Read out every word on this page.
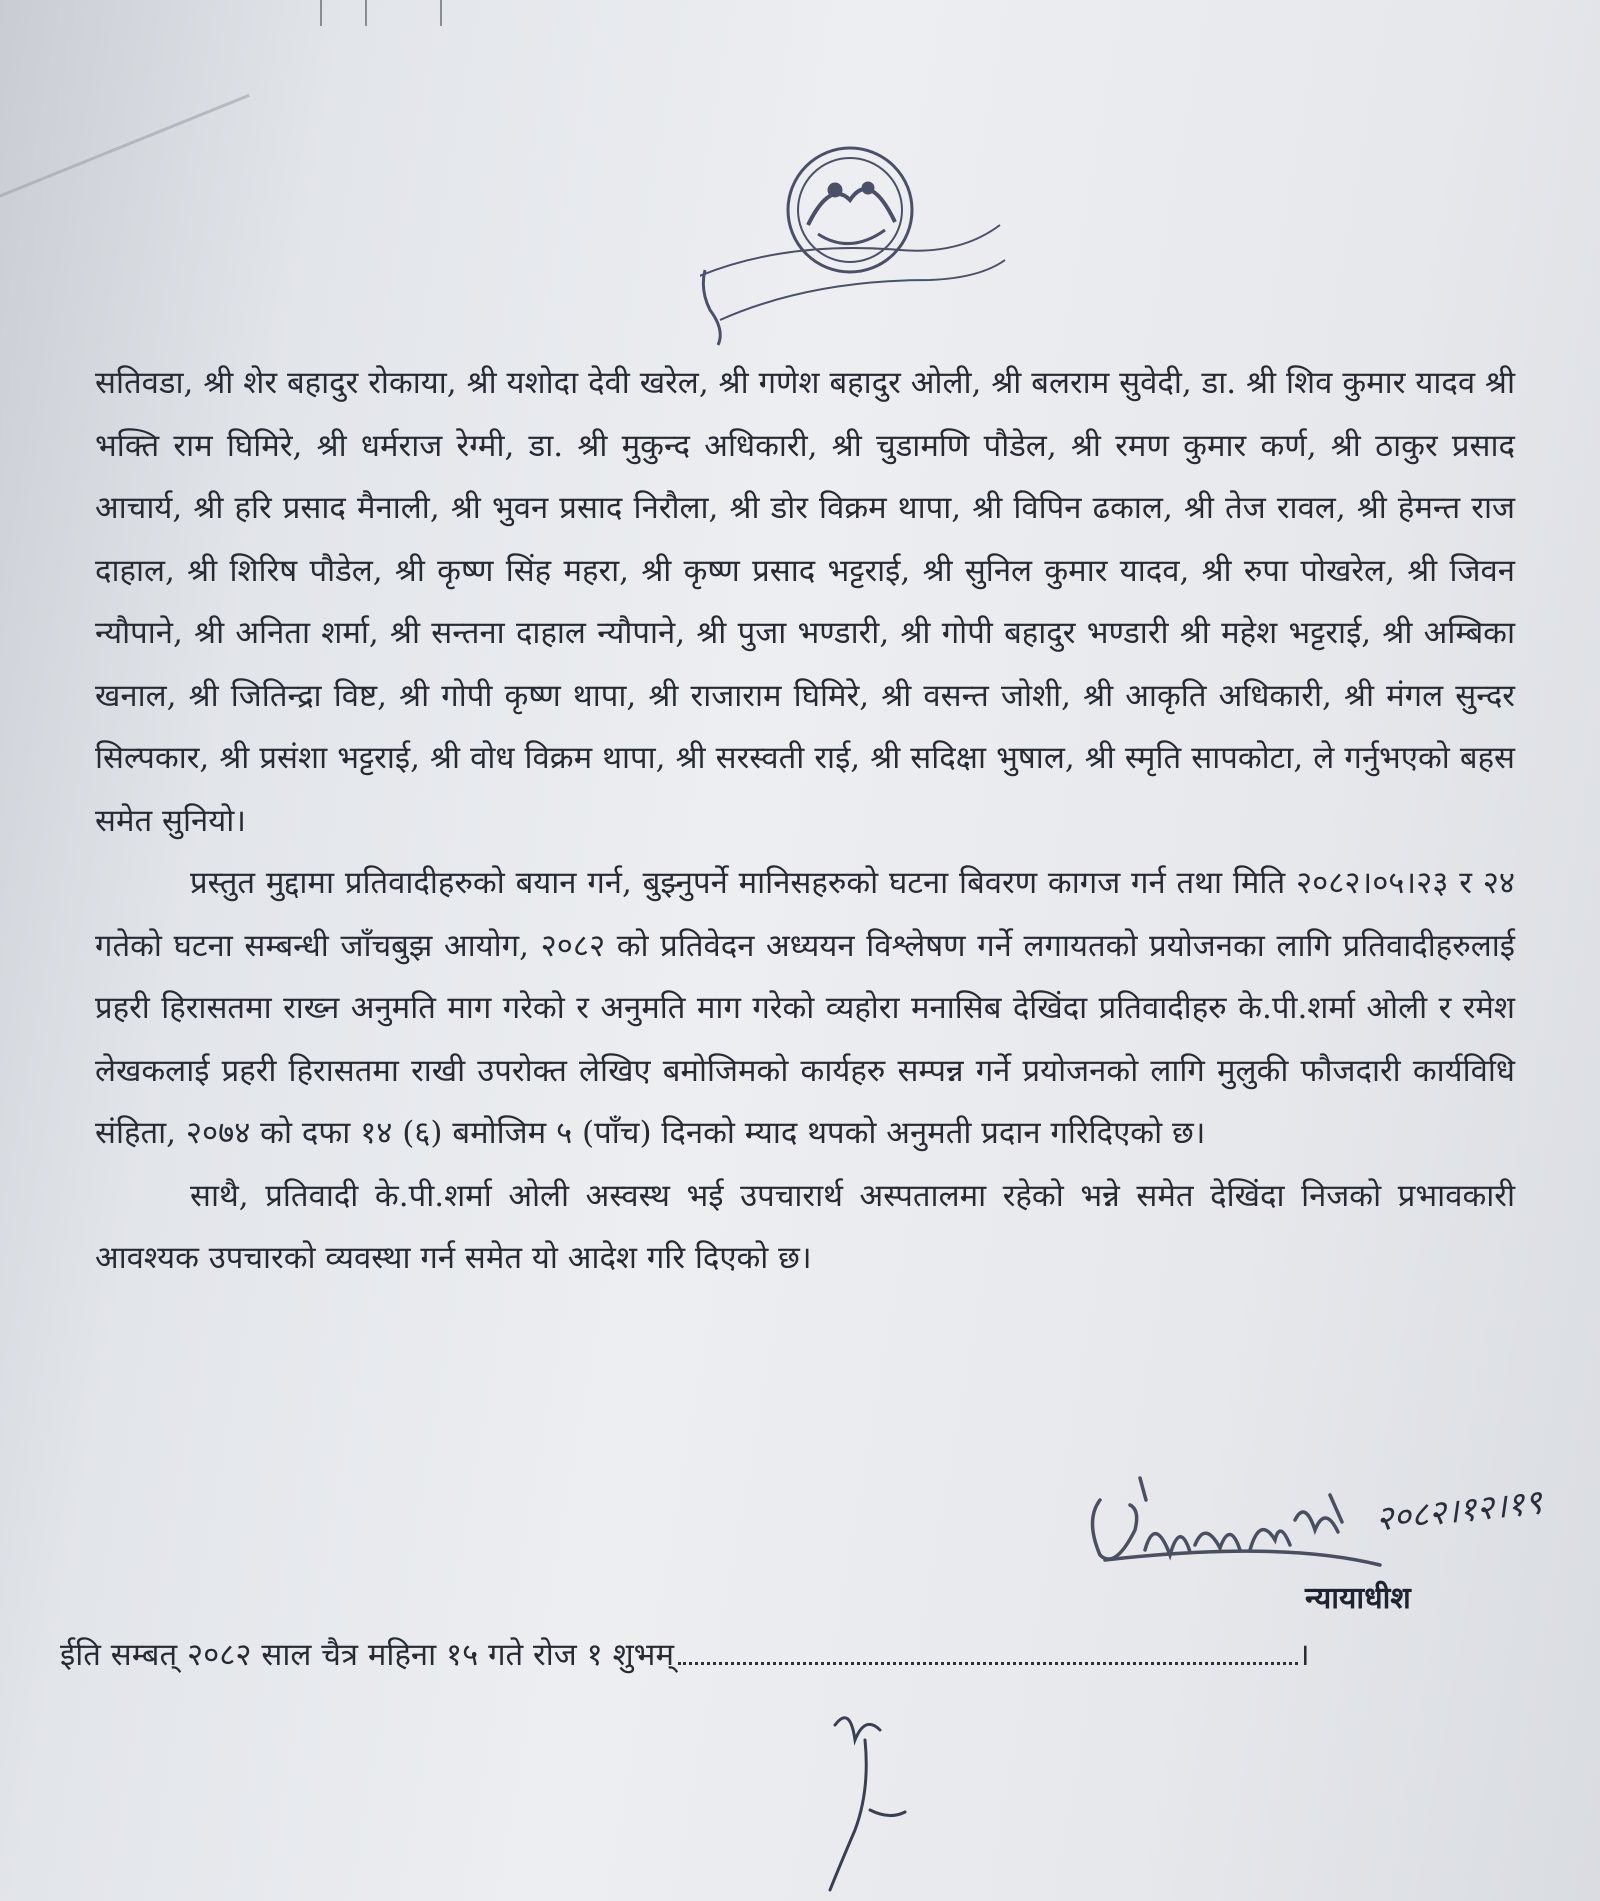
सतिवडा, श्री शेर बहादुर रोकाया, श्री यशोदा देवी खरेल, श्री गणेश बहादुर ओली, श्री बलराम सुवेदी, डा. श्री शिव कुमार यादव श्री भक्ति राम घिमिरे, श्री धर्मराज रेग्मी, डा. श्री मुकुन्द अधिकारी, श्री चुडामणि पौडेल, श्री रमण कुमार कर्ण, श्री ठाकुर प्रसाद आचार्य, श्री हरि प्रसाद मैनाली, श्री भुवन प्रसाद निरौला, श्री डोर विक्रम थापा, श्री विपिन ढकाल, श्री तेज रावल, श्री हेमन्त राज दाहाल, श्री शिरिष पौडेल, श्री कृष्ण सिंह महरा, श्री कृष्ण प्रसाद भट्टराई, श्री सुनिल कुमार यादव, श्री रुपा पोखरेल, श्री जिवन न्यौपाने, श्री अनिता शर्मा, श्री सन्तना दाहाल न्यौपाने, श्री पुजा भण्डारी, श्री गोपी बहादुर भण्डारी श्री महेश भट्टराई, श्री अम्बिका खनाल, श्री जितिन्द्रा विष्ट, श्री गोपी कृष्ण थापा, श्री राजाराम घिमिरे, श्री वसन्त जोशी, श्री आकृति अधिकारी, श्री मंगल सुन्दर सिल्पकार, श्री प्रसंशा भट्टराई, श्री वोध विक्रम थापा, श्री सरस्वती राई, श्री सदिक्षा भुषाल, श्री स्मृति सापकोटा, ले गर्नुभएको बहस समेत सुनियो।

प्रस्तुत मुद्दामा प्रतिवादीहरुको बयान गर्न, बुझ्नुपर्ने मानिसहरुको घटना बिवरण कागज गर्न तथा मिति २०८२।०५।२३ र २४ गतेको घटना सम्बन्धी जाँचबुझ आयोग, २०८२ को प्रतिवेदन अध्ययन विश्लेषण गर्ने लगायतको प्रयोजनका लागि प्रतिवादीहरुलाई प्रहरी हिरासतमा राख्न अनुमति माग गरेको र अनुमति माग गरेको व्यहोरा मनासिब देखिंदा प्रतिवादीहरु के.पी.शर्मा ओली र रमेश लेखकलाई प्रहरी हिरासतमा राखी उपरोक्त लेखिए बमोजिमको कार्यहरु सम्पन्न गर्ने प्रयोजनको लागि मुलुकी फौजदारी कार्यविधि संहिता, २०७४ को दफा १४ (६) बमोजिम ५ (पाँच) दिनको म्याद थपको अनुमती प्रदान गरिदिएको छ।

साथै, प्रतिवादी के.पी.शर्मा ओली अस्वस्थ भई उपचारार्थ अस्पतालमा रहेको भन्ने समेत देखिंदा निजको प्रभावकारी आवश्यक उपचारको व्यवस्था गर्न समेत यो आदेश गरि दिएको छ।

२०८२।१२।१९
न्यायाधीश
ईति सम्बत् २०८२ साल चैत्र महिना १५ गते रोज १ शुभम्	।
